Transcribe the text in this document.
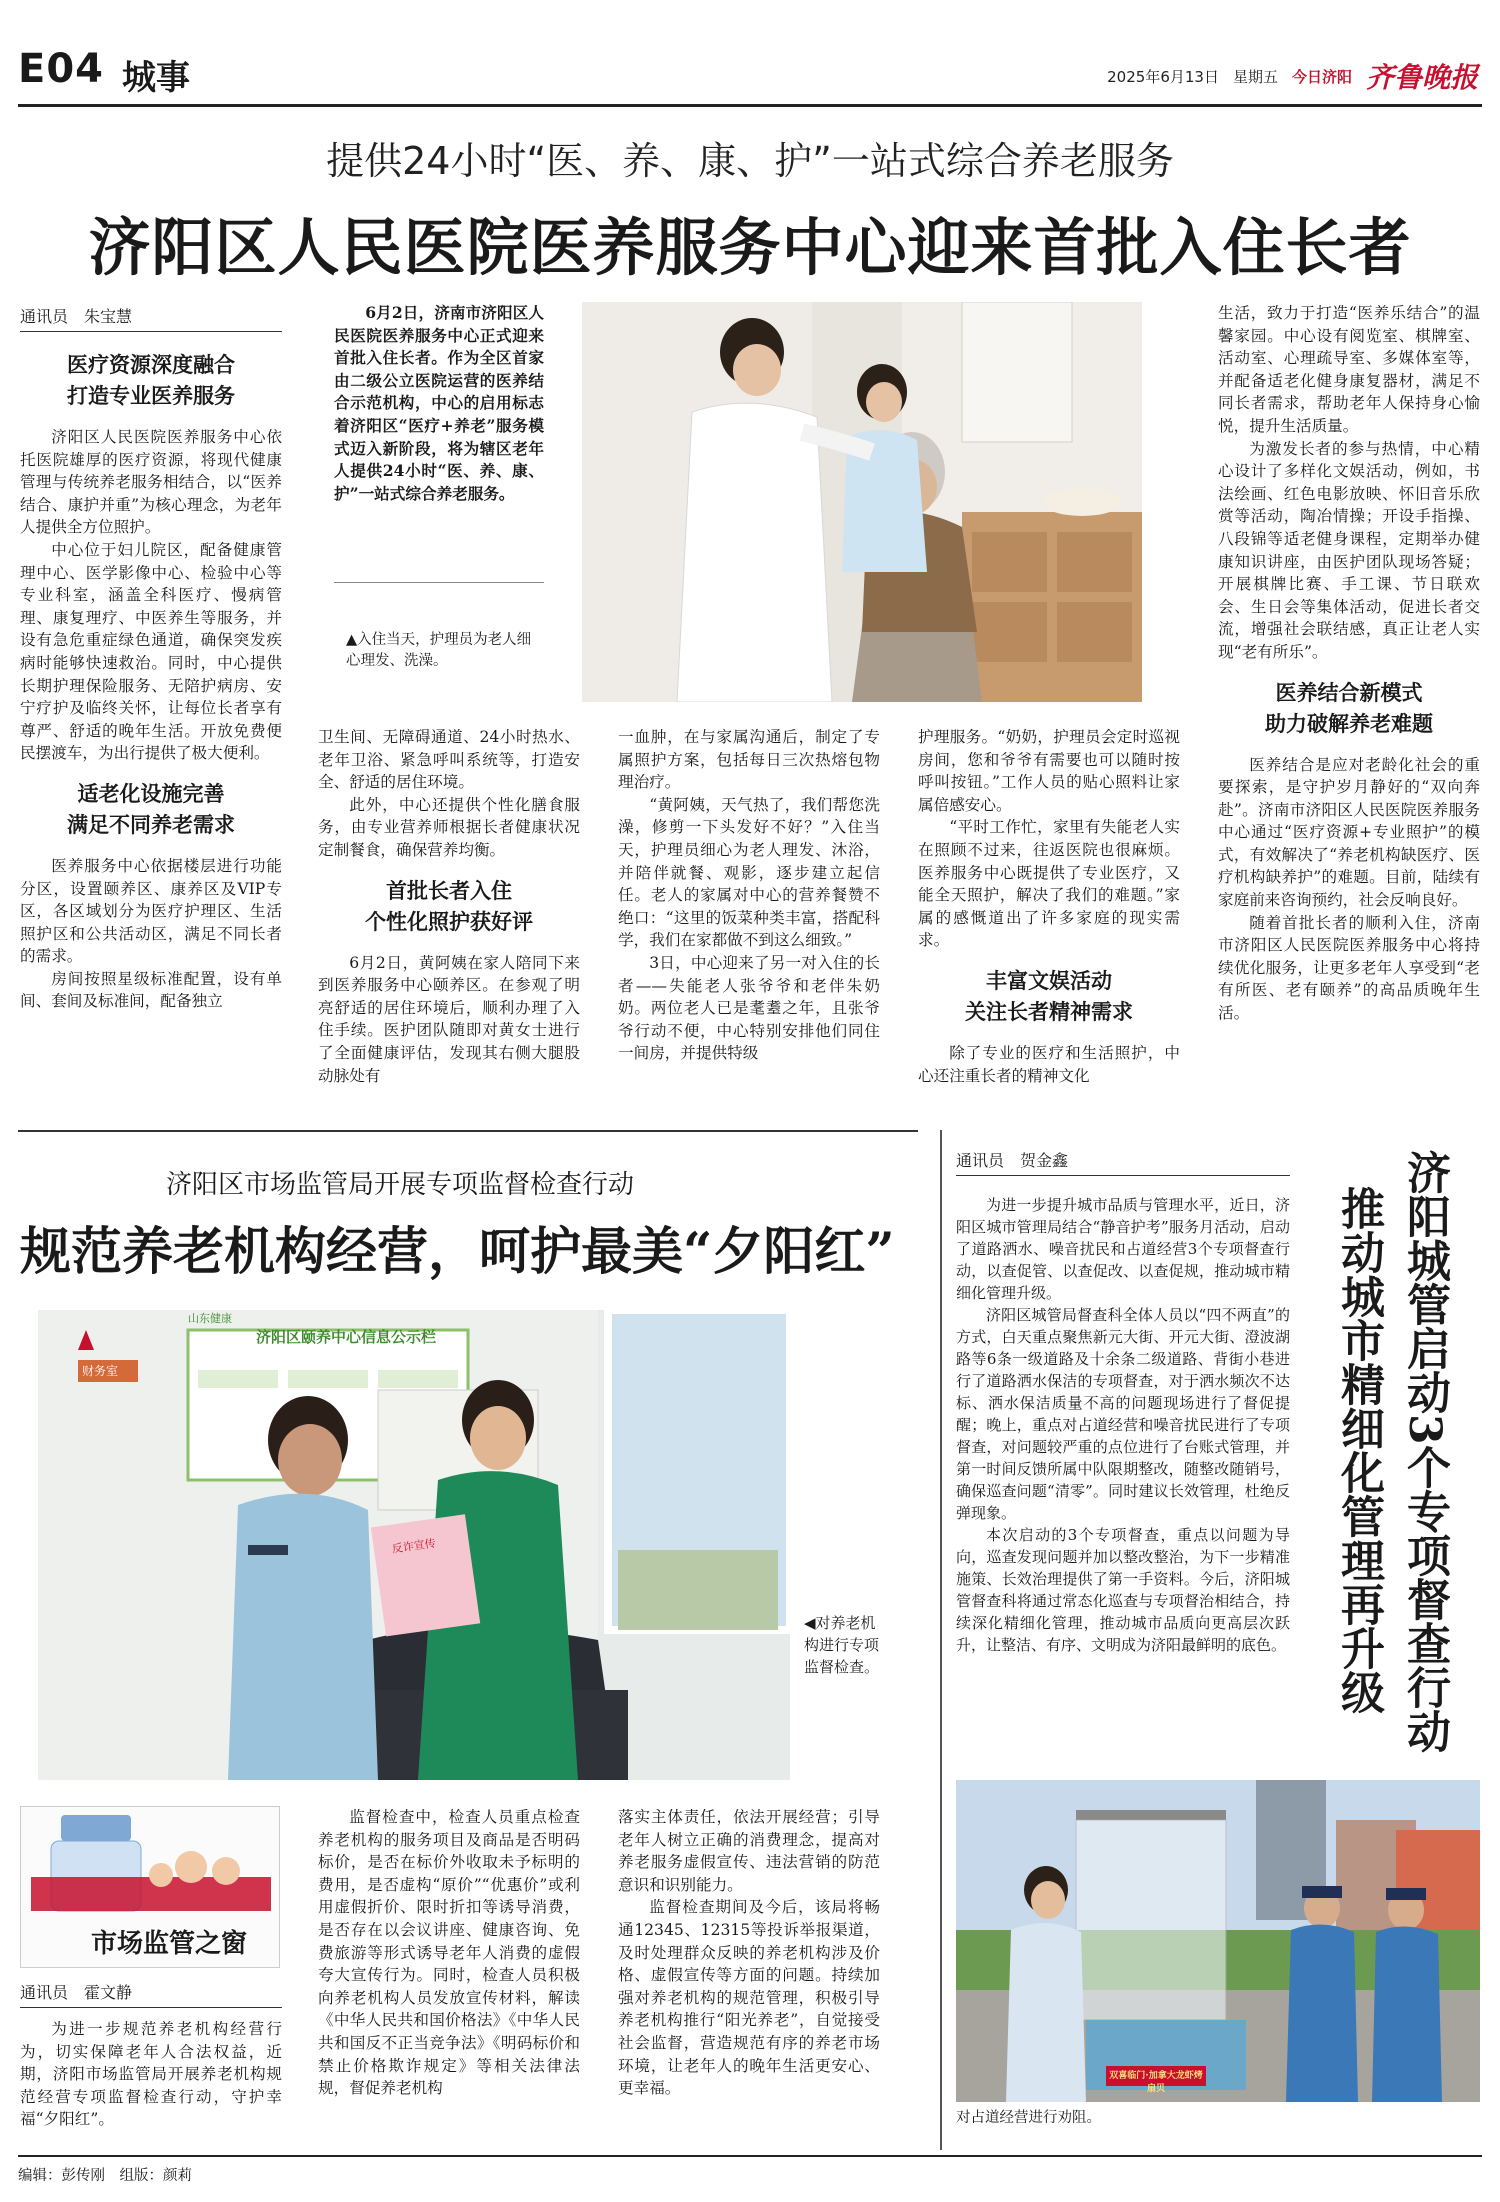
E04 城事	2025年6月13日 星期五 今日济阳 齐鲁晚报
提供24小时“医、养、康、护”一站式综合养老服务
济阳区人民医院医养服务中心迎来首批入住长者
通讯员　朱宝慧
医疗资源深度融合
打造专业医养服务

济阳区人民医院医养服务中心依托医院雄厚的医疗资源，将现代健康管理与传统养老服务相结合，以“医养结合、康护并重”为核心理念，为老年人提供全方位照护。

中心位于妇儿院区，配备健康管理中心、医学影像中心、检验中心等专业科室，涵盖全科医疗、慢病管理、康复理疗、中医养生等服务，并设有急危重症绿色通道，确保突发疾病时能够快速救治。同时，中心提供长期护理保险服务、无陪护病房、安宁疗护及临终关怀，让每位长者享有尊严、舒适的晚年生活。开放免费便民摆渡车，为出行提供了极大便利。

适老化设施完善
满足不同养老需求

医养服务中心依据楼层进行功能分区，设置颐养区、康养区及VIP专区，各区域划分为医疗护理区、生活照护区和公共活动区，满足不同长者的需求。

房间按照星级标准配置，设有单间、套间及标准间，配备独立

6月2日，济南市济阳区人民医院医养服务中心正式迎来首批入住长者。作为全区首家由二级公立医院运营的医养结合示范机构，中心的启用标志着济阳区“医疗+养老”服务模式迈入新阶段，将为辖区老年人提供24小时“医、养、康、护”一站式综合养老服务。

▲入住当天，护理员为老人细心理发、洗澡。

卫生间、无障碍通道、24小时热水、老年卫浴、紧急呼叫系统等，打造安全、舒适的居住环境。

此外，中心还提供个性化膳食服务，由专业营养师根据长者健康状况定制餐食，确保营养均衡。

首批长者入住
个性化照护获好评

6月2日，黄阿姨在家人陪同下来到医养服务中心颐养区。在参观了明亮舒适的居住环境后，顺利办理了入住手续。医护团队随即对黄女士进行了全面健康评估，发现其右侧大腿股动脉处有

一血肿，在与家属沟通后，制定了专属照护方案，包括每日三次热熔包物理治疗。

“黄阿姨，天气热了，我们帮您洗澡，修剪一下头发好不好？”入住当天，护理员细心为老人理发、沐浴，并陪伴就餐、观影，逐步建立起信任。老人的家属对中心的营养餐赞不绝口：“这里的饭菜种类丰富，搭配科学，我们在家都做不到这么细致。”

3日，中心迎来了另一对入住的长者——失能老人张爷爷和老伴朱奶奶。两位老人已是耄耋之年，且张爷爷行动不便，中心特别安排他们同住一间房，并提供特级

护理服务。“奶奶，护理员会定时巡视房间，您和爷爷有需要也可以随时按呼叫按钮。”工作人员的贴心照料让家属倍感安心。

“平时工作忙，家里有失能老人实在照顾不过来，往返医院也很麻烦。医养服务中心既提供了专业医疗，又能全天照护，解决了我们的难题。”家属的感慨道出了许多家庭的现实需求。

丰富文娱活动
关注长者精神需求

除了专业的医疗和生活照护，中心还注重长者的精神文化

生活，致力于打造“医养乐结合”的温馨家园。中心设有阅览室、棋牌室、活动室、心理疏导室、多媒体室等，并配备适老化健身康复器材，满足不同长者需求，帮助老年人保持身心愉悦，提升生活质量。

为激发长者的参与热情，中心精心设计了多样化文娱活动，例如，书法绘画、红色电影放映、怀旧音乐欣赏等活动，陶冶情操；开设手指操、八段锦等适老健身课程，定期举办健康知识讲座，由医护团队现场答疑；开展棋牌比赛、手工课、节日联欢会、生日会等集体活动，促进长者交流，增强社会联结感，真正让老人实现“老有所乐”。

医养结合新模式
助力破解养老难题

医养结合是应对老龄化社会的重要探索，是守护岁月静好的“双向奔赴”。济南市济阳区人民医院医养服务中心通过“医疗资源+专业照护”的模式，有效解决了“养老机构缺医疗、医疗机构缺养护”的难题。目前，陆续有家庭前来咨询预约，社会反响良好。

随着首批长者的顺利入住，济南市济阳区人民医院医养服务中心将持续优化服务，让更多老年人享受到“老有所医、老有颐养”的高品质晚年生活。

济阳区市场监管局开展专项监督检查行动
规范养老机构经营，呵护最美“夕阳红”
反诈宣传
济阳区颐养中心信息公示栏
财务室
山东健康
◀对养老机构进行专项监督检查。
市场监管之窗
通讯员　霍文静

为进一步规范养老机构经营行为，切实保障老年人合法权益，近期，济阳市场监管局开展养老机构规范经营专项监督检查行动，守护幸福“夕阳红”。

监督检查中，检查人员重点检查养老机构的服务项目及商品是否明码标价，是否在标价外收取未予标明的费用，是否虚构“原价”“优惠价”或利用虚假折价、限时折扣等诱导消费，是否存在以会议讲座、健康咨询、免费旅游等形式诱导老年人消费的虚假夸大宣传行为。同时，检查人员积极向养老机构人员发放宣传材料，解读《中华人民共和国价格法》《中华人民共和国反不正当竞争法》《明码标价和禁止价格欺诈规定》等相关法律法规，督促养老机构

落实主体责任，依法开展经营；引导老年人树立正确的消费理念，提高对养老服务虚假宣传、违法营销的防范意识和识别能力。

监督检查期间及今后，该局将畅通12345、12315等投诉举报渠道，及时处理群众反映的养老机构涉及价格、虚假宣传等方面的问题。持续加强对养老机构的规范管理，积极引导养老机构推行“阳光养老”，自觉接受社会监督，营造规范有序的养老市场环境，让老年人的晚年生活更安心、更幸福。

通讯员　贺金鑫

为进一步提升城市品质与管理水平，近日，济阳区城市管理局结合“静音护考”服务月活动，启动了道路洒水、噪音扰民和占道经营3个专项督查行动，以查促管、以查促改、以查促规，推动城市精细化管理升级。

济阳区城管局督查科全体人员以“四不两直”的方式，白天重点聚焦新元大街、开元大街、澄波湖路等6条一级道路及十余条二级道路、背街小巷进行了道路洒水保洁的专项督查，对于洒水频次不达标、洒水保洁质量不高的问题现场进行了督促提醒；晚上，重点对占道经营和噪音扰民进行了专项督查，对问题较严重的点位进行了台账式管理，并第一时间反馈所属中队限期整改，随整改随销号，确保巡查问题“清零”。同时建议长效管理，杜绝反弹现象。

本次启动的3个专项督查，重点以问题为导向，巡查发现问题并加以整改整治，为下一步精准施策、长效治理提供了第一手资料。今后，济阳城管督查科将通过常态化巡查与专项督治相结合，持续深化精细化管理，推动城市品质向更高层次跃升，让整洁、有序、文明成为济阳最鲜明的底色。	济阳城管启动3个专项督查行动
推动城市精细化管理再升级
双喜临门·加拿大龙虾烤扇贝
对占道经营进行劝阻。
编辑：彭传刚　组版：颜莉
